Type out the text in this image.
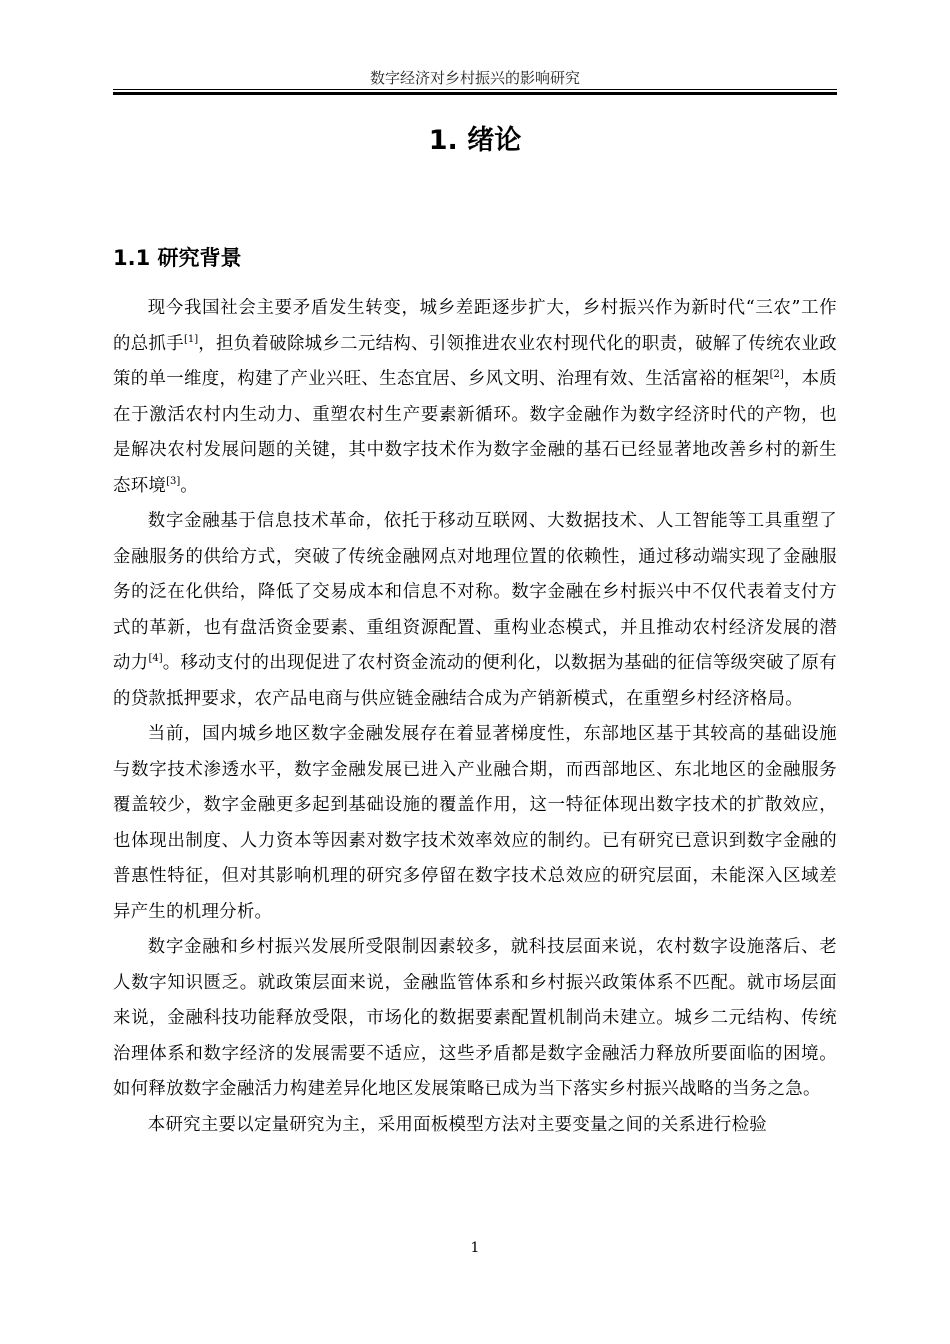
数字经济对乡村振兴的影响研究
1. 绪论
1.1 研究背景

现今我国社会主要矛盾发生转变，城乡差距逐步扩大，乡村振兴作为新时代“三农”工作的总抓手[1]，担负着破除城乡二元结构、引领推进农业农村现代化的职责，破解了传统农业政策的单一维度，构建了产业兴旺、生态宜居、乡风文明、治理有效、生活富裕的框架[2]，本质在于激活农村内生动力、重塑农村生产要素新循环。数字金融作为数字经济时代的产物，也是解决农村发展问题的关键，其中数字技术作为数字金融的基石已经显著地改善乡村的新生态环境[3]。

数字金融基于信息技术革命，依托于移动互联网、大数据技术、人工智能等工具重塑了金融服务的供给方式，突破了传统金融网点对地理位置的依赖性，通过移动端实现了金融服务的泛在化供给，降低了交易成本和信息不对称。数字金融在乡村振兴中不仅代表着支付方式的革新，也有盘活资金要素、重组资源配置、重构业态模式，并且推动农村经济发展的潜动力[4]。移动支付的出现促进了农村资金流动的便利化，以数据为基础的征信等级突破了原有的贷款抵押要求，农产品电商与供应链金融结合成为产销新模式，在重塑乡村经济格局。

当前，国内城乡地区数字金融发展存在着显著梯度性，东部地区基于其较高的基础设施与数字技术渗透水平，数字金融发展已进入产业融合期，而西部地区、东北地区的金融服务覆盖较少，数字金融更多起到基础设施的覆盖作用，这一特征体现出数字技术的扩散效应，也体现出制度、人力资本等因素对数字技术效率效应的制约。已有研究已意识到数字金融的普惠性特征，但对其影响机理的研究多停留在数字技术总效应的研究层面，未能深入区域差异产生的机理分析。

数字金融和乡村振兴发展所受限制因素较多，就科技层面来说，农村数字设施落后、老人数字知识匮乏。就政策层面来说，金融监管体系和乡村振兴政策体系不匹配。就市场层面来说，金融科技功能释放受限，市场化的数据要素配置机制尚未建立。城乡二元结构、传统治理体系和数字经济的发展需要不适应，这些矛盾都是数字金融活力释放所要面临的困境。如何释放数字金融活力构建差异化地区发展策略已成为当下落实乡村振兴战略的当务之急。

本研究主要以定量研究为主，采用面板模型方法对主要变量之间的关系进行检验

1
